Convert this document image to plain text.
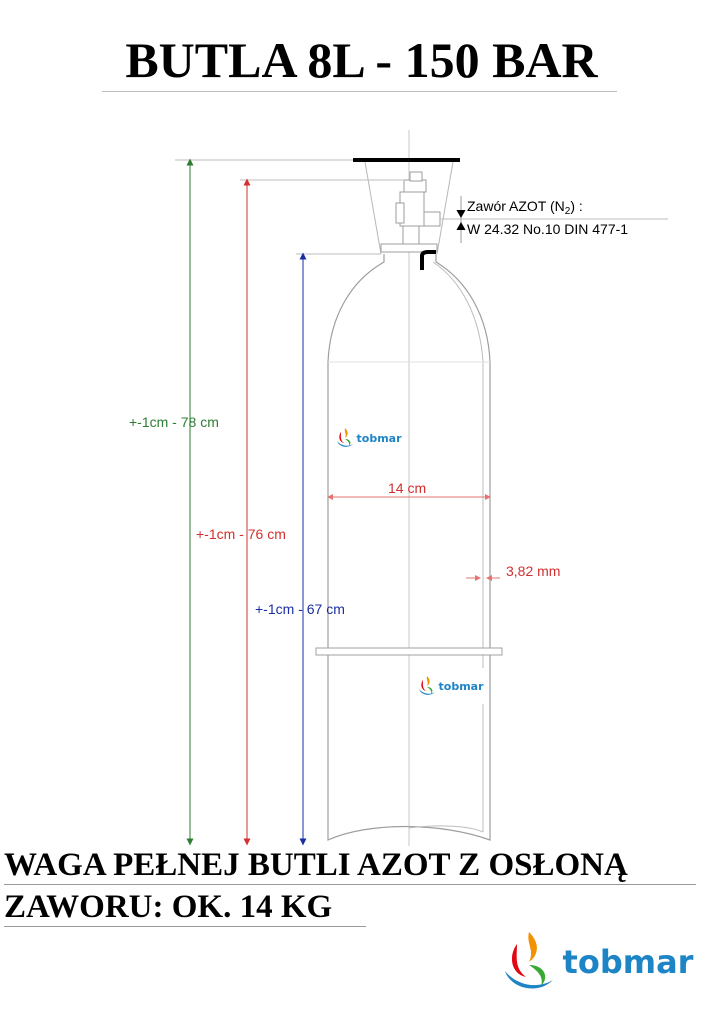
BUTLA 8L - 150 BAR
+-1cm - 78 cm
+-1cm - 76 cm
+-1cm - 67 cm
14 cm
3,82 mm
Zawór AZOT $(N_2)$ :
W 24.32 No.10 DIN 477-1
tobmar
tobmar
WAGA PEŁNEJ BUTLI AZOT Z OSŁONĄ
ZAWORU: OK. 14 KG
tobmar
